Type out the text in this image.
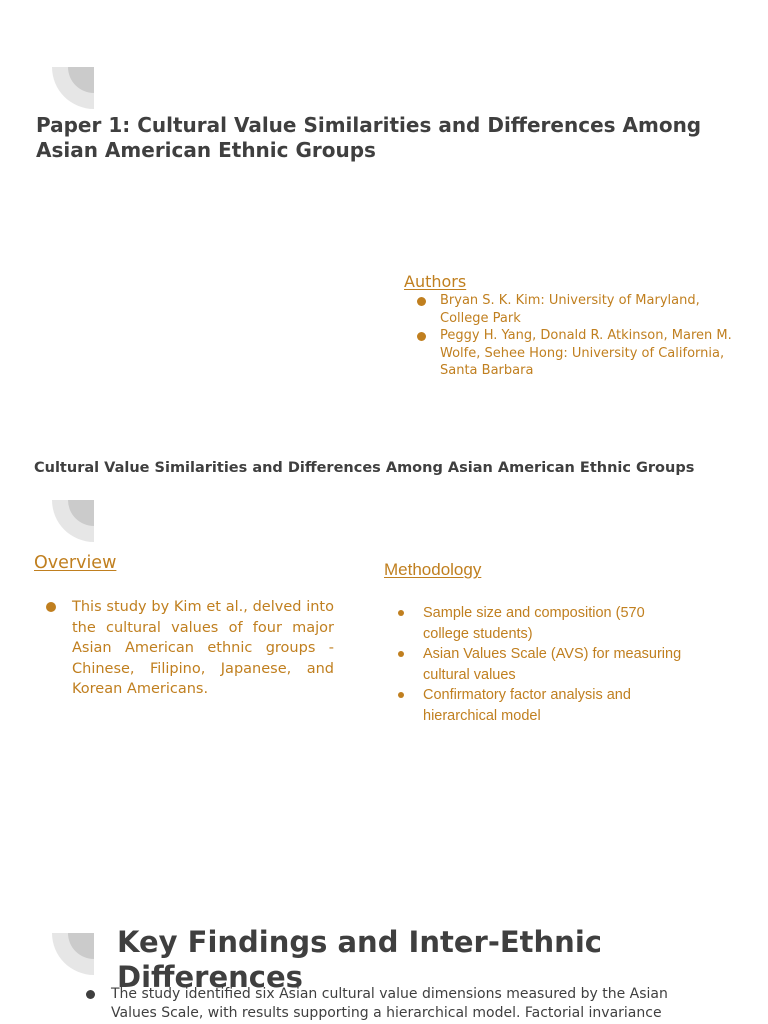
Paper 1: Cultural Value Similarities and Differences Among Asian American Ethnic Groups
Authors
Bryan S. K. Kim: University of Maryland, College Park
Peggy H. Yang, Donald R. Atkinson, Maren M. Wolfe, Sehee Hong: University of California, Santa Barbara
Cultural Value Similarities and Differences Among Asian American Ethnic Groups
Overview
This study by Kim et al., delved into the cultural values of four major Asian American ethnic groups - Chinese, Filipino, Japanese, and Korean Americans.
Methodology
Sample size and composition (570 college students)
Asian Values Scale (AVS) for measuring cultural values
Confirmatory factor analysis and hierarchical model
Key Findings and Inter-Ethnic Differences
The study identified six Asian cultural value dimensions measured by the Asian Values Scale, with results supporting a hierarchical model. Factorial invariance
